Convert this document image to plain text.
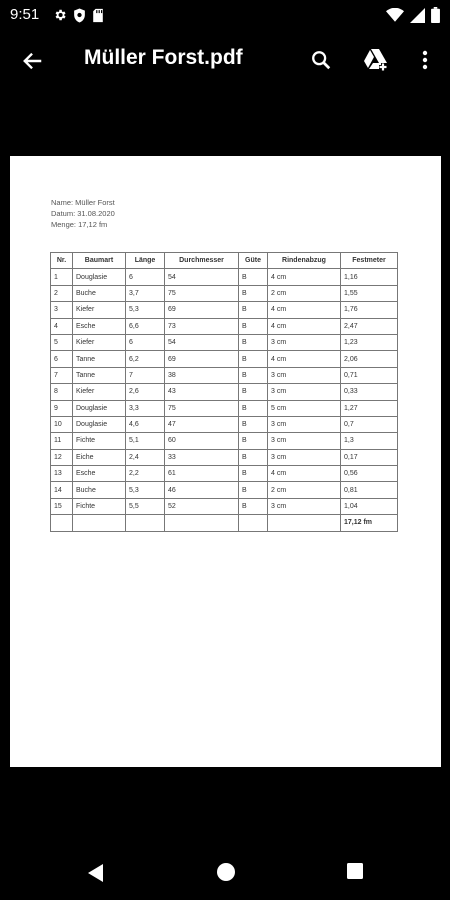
9:51
Müller Forst.pdf
Name: Müller Forst
Datum: 31.08.2020
Menge: 17,12 fm
Nr.	Baumart	Länge	Durchmesser	Güte	Rindenabzug	Festmeter
1	Douglasie	6	54	B	4 cm	1,16
2	Buche	3,7	75	B	2 cm	1,55
3	Kiefer	5,3	69	B	4 cm	1,76
4	Esche	6,6	73	B	4 cm	2,47
5	Kiefer	6	54	B	3 cm	1,23
6	Tanne	6,2	69	B	4 cm	2,06
7	Tanne	7	38	B	3 cm	0,71
8	Kiefer	2,6	43	B	3 cm	0,33
9	Douglasie	3,3	75	B	5 cm	1,27
10	Douglasie	4,6	47	B	3 cm	0,7
11	Fichte	5,1	60	B	3 cm	1,3
12	Eiche	2,4	33	B	3 cm	0,17
13	Esche	2,2	61	B	4 cm	0,56
14	Buche	5,3	46	B	2 cm	0,81
15	Fichte	5,5	52	B	3 cm	1,04
						17,12 fm
